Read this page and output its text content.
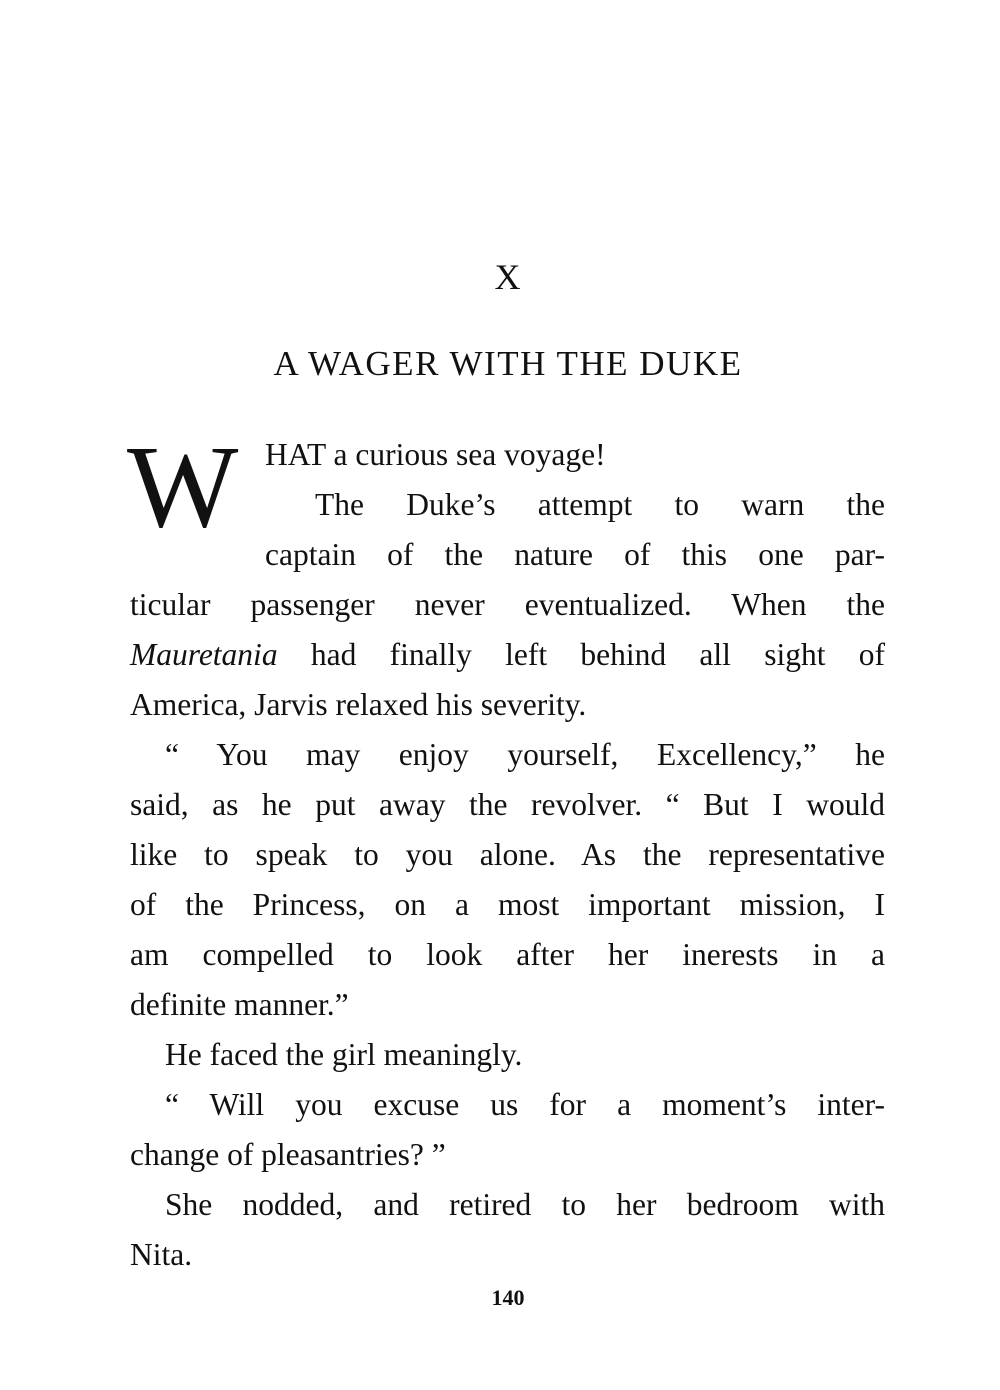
X
A WAGER WITH THE DUKE
W HAT a curious sea voyage!
The Duke’s attempt to warn the
captain of the nature of this one par-
ticular passenger never eventualized. When the
Mauretania had finally left behind all sight of
America, Jarvis relaxed his severity.
“ You may enjoy yourself, Excellency,” he
said, as he put away the revolver. “ But I would
like to speak to you alone. As the representative
of the Princess, on a most important mission, I
am compelled to look after her inerests in a
definite manner.”
He faced the girl meaningly.
“ Will you excuse us for a moment’s inter-
change of pleasantries? ”
She nodded, and retired to her bedroom with
Nita.
140
